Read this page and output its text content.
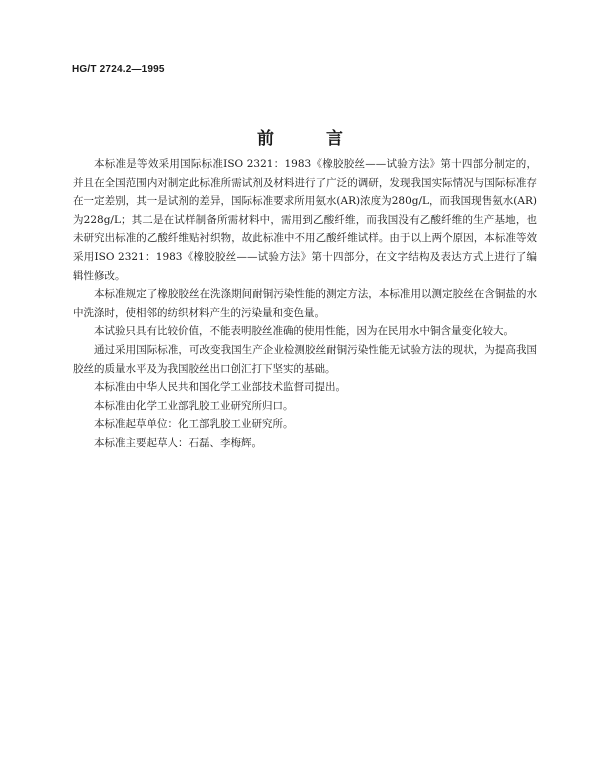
HG/T 2724.2—1995
前言

本标准是等效采用国际标准ISO 2321：1983《橡胶胶丝——试验方法》第十四部分制定的，并且在全国范围内对制定此标准所需试剂及材料进行了广泛的调研，发现我国实际情况与国际标准存在一定差别，其一是试剂的差异，国际标准要求所用氨水(AR)浓度为280g/L，而我国现售氨水(AR)为228g/L；其二是在试样制备所需材料中，需用到乙酸纤维，而我国没有乙酸纤维的生产基地，也未研究出标准的乙酸纤维贴衬织物，故此标准中不用乙酸纤维试样。由于以上两个原因，本标准等效采用ISO 2321：1983《橡胶胶丝——试验方法》第十四部分，在文字结构及表达方式上进行了编辑性修改。

本标准规定了橡胶胶丝在洗涤期间耐铜污染性能的测定方法，本标准用以测定胶丝在含铜盐的水中洗涤时，使相邻的纺织材料产生的污染量和变色量。

本试验只具有比较价值，不能表明胶丝准确的使用性能，因为在民用水中铜含量变化较大。

通过采用国际标准，可改变我国生产企业检测胶丝耐铜污染性能无试验方法的现状，为提高我国胶丝的质量水平及为我国胶丝出口创汇打下坚实的基础。

本标准由中华人民共和国化学工业部技术监督司提出。

本标准由化学工业部乳胶工业研究所归口。

本标准起草单位：化工部乳胶工业研究所。

本标准主要起草人：石磊、李梅辉。
